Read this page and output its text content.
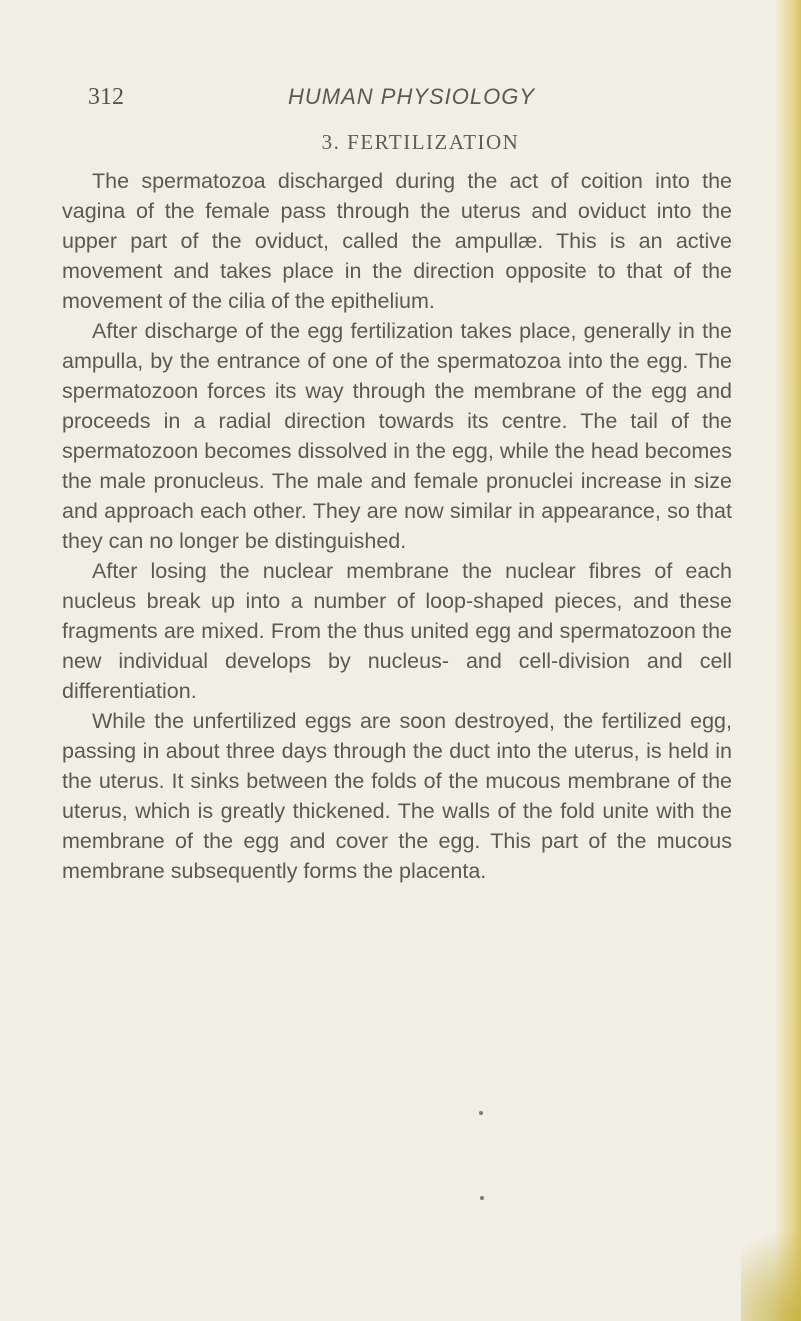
312	HUMAN PHYSIOLOGY
3. FERTILIZATION

The spermatozoa discharged during the act of coition into the vagina of the female pass through the uterus and oviduct into the upper part of the oviduct, called the ampullæ. This is an active movement and takes place in the direction opposite to that of the movement of the cilia of the epithelium.

After discharge of the egg fertilization takes place, generally in the ampulla, by the entrance of one of the spermatozoa into the egg. The spermatozoon forces its way through the membrane of the egg and proceeds in a radial direction towards its centre. The tail of the spermatozoon becomes dissolved in the egg, while the head becomes the male pronucleus. The male and female pronuclei increase in size and approach each other. They are now similar in appearance, so that they can no longer be distinguished.

After losing the nuclear membrane the nuclear fibres of each nucleus break up into a number of loop-shaped pieces, and these fragments are mixed. From the thus united egg and spermatozoon the new individual develops by nucleus- and cell-division and cell differentiation.

While the unfertilized eggs are soon destroyed, the fertilized egg, passing in about three days through the duct into the uterus, is held in the uterus. It sinks between the folds of the mucous membrane of the uterus, which is greatly thickened. The walls of the fold unite with the membrane of the egg and cover the egg. This part of the mucous membrane subsequently forms the placenta.
